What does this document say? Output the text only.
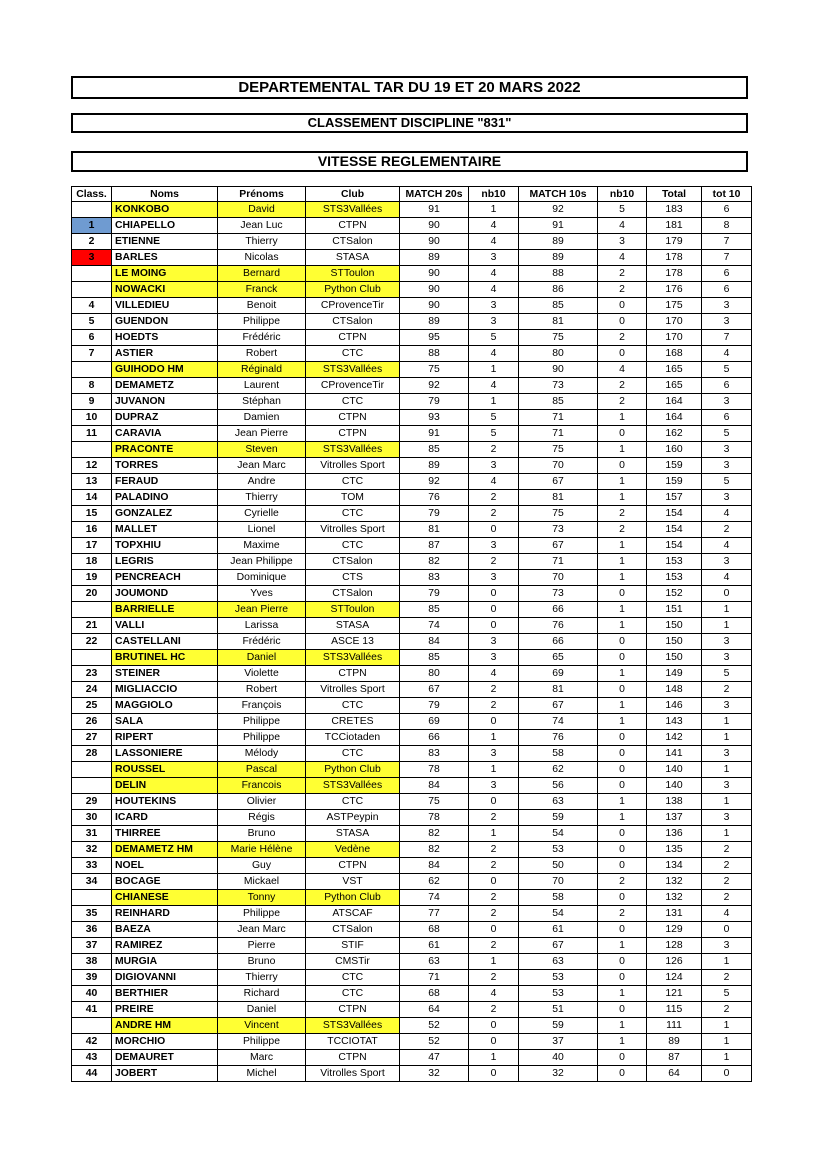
DEPARTEMENTAL TAR DU 19 ET 20 MARS 2022
CLASSEMENT DISCIPLINE "831"
VITESSE REGLEMENTAIRE
Class.	Noms	Prénoms	Club	MATCH 20s	nb10	MATCH 10s	nb10	Total	tot 10
	KONKOBO	David	STS3Vallées	91	1	92	5	183	6
1	CHIAPELLO	Jean Luc	CTPN	90	4	91	4	181	8
2	ETIENNE	Thierry	CTSalon	90	4	89	3	179	7
3	BARLES	Nicolas	STASA	89	3	89	4	178	7
	LE MOING	Bernard	STToulon	90	4	88	2	178	6
	NOWACKI	Franck	Python Club	90	4	86	2	176	6
4	VILLEDIEU	Benoit	CProvenceTir	90	3	85	0	175	3
5	GUENDON	Philippe	CTSalon	89	3	81	0	170	3
6	HOEDTS	Frédéric	CTPN	95	5	75	2	170	7
7	ASTIER	Robert	CTC	88	4	80	0	168	4
	GUIHODO HM	Réginald	STS3Vallées	75	1	90	4	165	5
8	DEMAMETZ	Laurent	CProvenceTir	92	4	73	2	165	6
9	JUVANON	Stéphan	CTC	79	1	85	2	164	3
10	DUPRAZ	Damien	CTPN	93	5	71	1	164	6
11	CARAVIA	Jean Pierre	CTPN	91	5	71	0	162	5
	PRACONTE	Steven	STS3Vallées	85	2	75	1	160	3
12	TORRES	Jean Marc	Vitrolles Sport	89	3	70	0	159	3
13	FERAUD	Andre	CTC	92	4	67	1	159	5
14	PALADINO	Thierry	TOM	76	2	81	1	157	3
15	GONZALEZ	Cyrielle	CTC	79	2	75	2	154	4
16	MALLET	Lionel	Vitrolles Sport	81	0	73	2	154	2
17	TOPXHIU	Maxime	CTC	87	3	67	1	154	4
18	LEGRIS	Jean Philippe	CTSalon	82	2	71	1	153	3
19	PENCREACH	Dominique	CTS	83	3	70	1	153	4
20	JOUMOND	Yves	CTSalon	79	0	73	0	152	0
	BARRIELLE	Jean Pierre	STToulon	85	0	66	1	151	1
21	VALLI	Larissa	STASA	74	0	76	1	150	1
22	CASTELLANI	Frédéric	ASCE 13	84	3	66	0	150	3
	BRUTINEL HC	Daniel	STS3Vallées	85	3	65	0	150	3
23	STEINER	Violette	CTPN	80	4	69	1	149	5
24	MIGLIACCIO	Robert	Vitrolles Sport	67	2	81	0	148	2
25	MAGGIOLO	François	CTC	79	2	67	1	146	3
26	SALA	Philippe	CRETES	69	0	74	1	143	1
27	RIPERT	Philippe	TCCiotaden	66	1	76	0	142	1
28	LASSONIERE	Mélody	CTC	83	3	58	0	141	3
	ROUSSEL	Pascal	Python Club	78	1	62	0	140	1
	DELIN	Francois	STS3Vallées	84	3	56	0	140	3
29	HOUTEKINS	Olivier	CTC	75	0	63	1	138	1
30	ICARD	Régis	ASTPeypin	78	2	59	1	137	3
31	THIRREE	Bruno	STASA	82	1	54	0	136	1
32	DEMAMETZ HM	Marie Hélène	Vedène	82	2	53	0	135	2
33	NOEL	Guy	CTPN	84	2	50	0	134	2
34	BOCAGE	Mickael	VST	62	0	70	2	132	2
	CHIANESE	Tonny	Python Club	74	2	58	0	132	2
35	REINHARD	Philippe	ATSCAF	77	2	54	2	131	4
36	BAEZA	Jean Marc	CTSalon	68	0	61	0	129	0
37	RAMIREZ	Pierre	STIF	61	2	67	1	128	3
38	MURGIA	Bruno	CMSTir	63	1	63	0	126	1
39	DIGIOVANNI	Thierry	CTC	71	2	53	0	124	2
40	BERTHIER	Richard	CTC	68	4	53	1	121	5
41	PREIRE	Daniel	CTPN	64	2	51	0	115	2
	ANDRE HM	Vincent	STS3Vallées	52	0	59	1	111	1
42	MORCHIO	Philippe	TCCIOTAT	52	0	37	1	89	1
43	DEMAURET	Marc	CTPN	47	1	40	0	87	1
44	JOBERT	Michel	Vitrolles Sport	32	0	32	0	64	0
